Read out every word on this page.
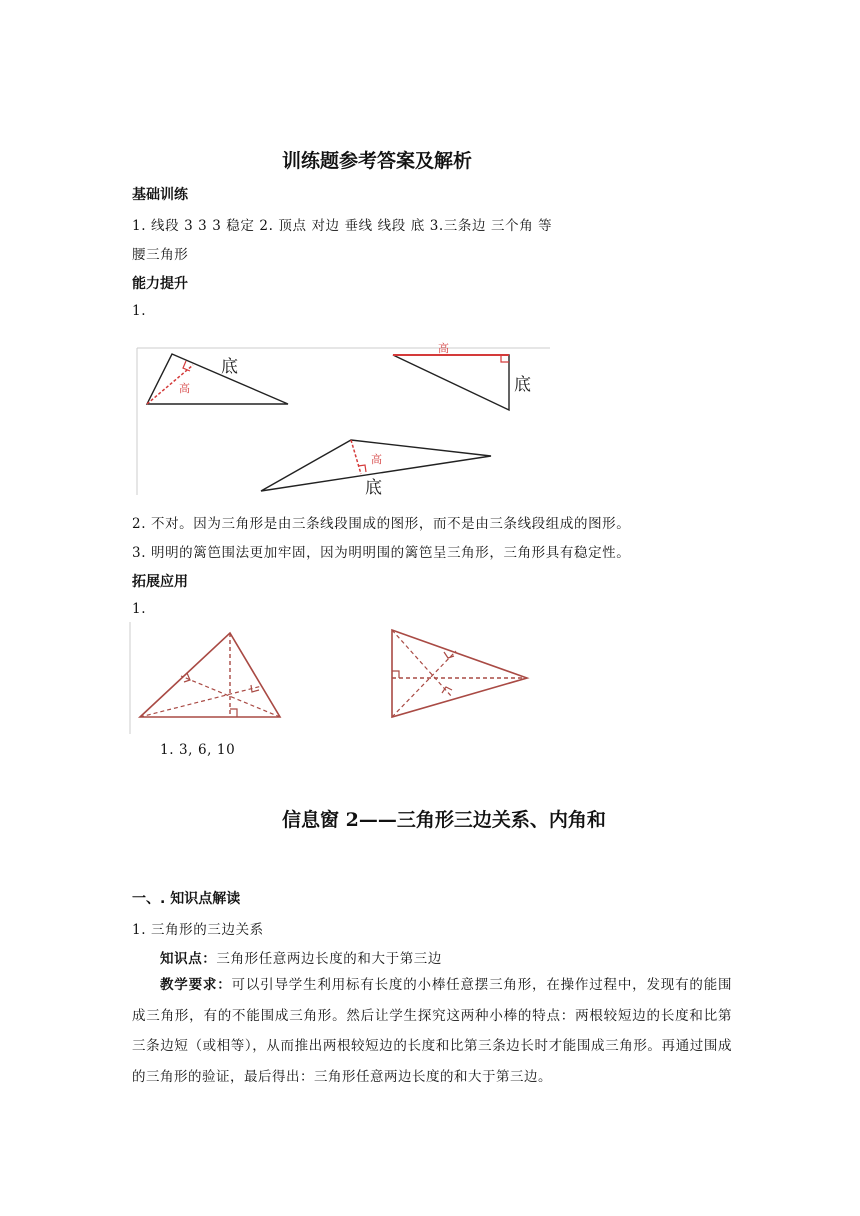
训练题参考答案及解析
基础训练
1. 线段 3 3 3 稳定 2. 顶点 对边 垂线 线段 底 3.三条边 三个角 等
腰三角形
能力提升
1.
高
底
高
底
高
底
2. 不对。因为三角形是由三条线段围成的图形，而不是由三条线段组成的图形。
3. 明明的篱笆围法更加牢固，因为明明围的篱笆呈三角形，三角形具有稳定性。
拓展应用
1.
1. 3, 6, 10
信息窗 2——三角形三边关系、内角和
一、. 知识点解读
1. 三角形的三边关系
知识点：三角形任意两边长度的和大于第三边
教学要求：可以引导学生利用标有长度的小棒任意摆三角形，在操作过程中，发现有的能围成三角形，有的不能围成三角形。然后让学生探究这两种小棒的特点：两根较短边的长度和比第三条边短（或相等），从而推出两根较短边的长度和比第三条边长时才能围成三角形。再通过围成的三角形的验证，最后得出：三角形任意两边长度的和大于第三边。
